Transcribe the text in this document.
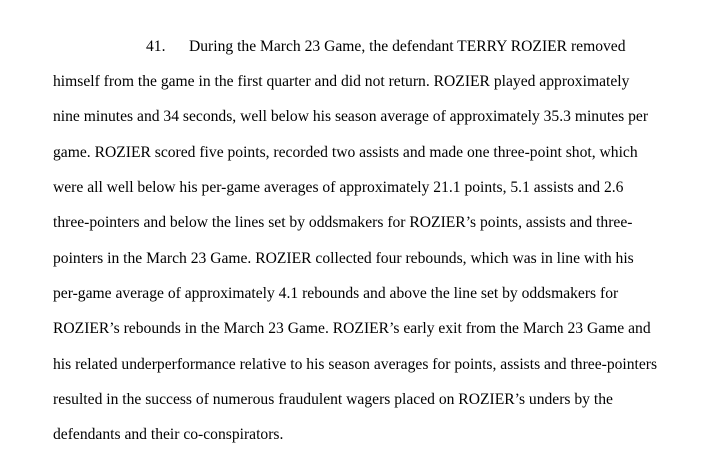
41. During the March 23 Game, the defendant TERRY ROZIER removed
himself from the game in the first quarter and did not return. ROZIER played approximately
nine minutes and 34 seconds, well below his season average of approximately 35.3 minutes per
game. ROZIER scored five points, recorded two assists and made one three-point shot, which
were all well below his per-game averages of approximately 21.1 points, 5.1 assists and 2.6
three-pointers and below the lines set by oddsmakers for ROZIER’s points, assists and three-
pointers in the March 23 Game. ROZIER collected four rebounds, which was in line with his
per-game average of approximately 4.1 rebounds and above the line set by oddsmakers for
ROZIER’s rebounds in the March 23 Game. ROZIER’s early exit from the March 23 Game and
his related underperformance relative to his season averages for points, assists and three-pointers
resulted in the success of numerous fraudulent wagers placed on ROZIER’s unders by the
defendants and their co-conspirators.
